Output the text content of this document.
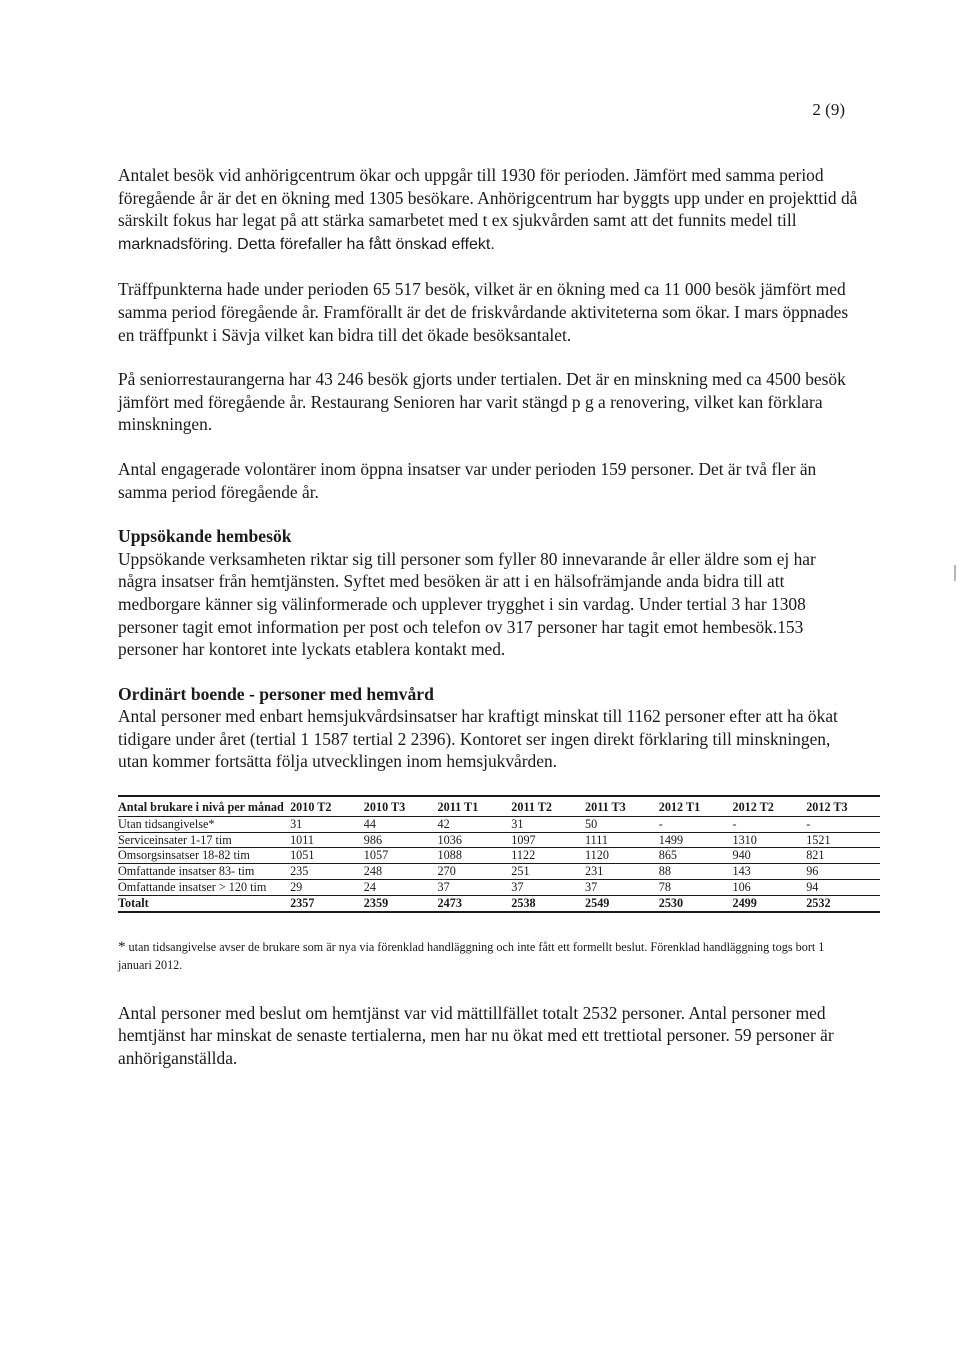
2 (9)

Antalet besök vid anhörigcentrum ökar och uppgår till 1930 för perioden. Jämfört med samma period föregående år är det en ökning med 1305 besökare. Anhörigcentrum har byggts upp under en projekttid då särskilt fokus har legat på att stärka samarbetet med t ex sjukvården samt att det funnits medel till marknadsföring. Detta förefaller ha fått önskad effekt.

Träffpunkterna hade under perioden 65 517 besök, vilket är en ökning med ca 11 000 besök jämfört med samma period föregående år. Framförallt är det de friskvårdande aktiviteterna som ökar. I mars öppnades en träffpunkt i Sävja vilket kan bidra till det ökade besöksantalet.

På seniorrestaurangerna har 43 246 besök gjorts under tertialen. Det är en minskning med ca 4500 besök jämfört med föregående år. Restaurang Senioren har varit stängd p g a renovering, vilket kan förklara minskningen.

Antal engagerade volontärer inom öppna insatser var under perioden 159 personer. Det är två fler än samma period föregående år.

Uppsökande hembesök

Uppsökande verksamheten riktar sig till personer som fyller 80 innevarande år eller äldre som ej har några insatser från hemtjänsten. Syftet med besöken är att i en hälsofrämjande anda bidra till att medborgare känner sig välinformerade och upplever trygghet i sin vardag. Under tertial 3 har 1308 personer tagit emot information per post och telefon ov 317 personer har tagit emot hembesök.153 personer har kontoret inte lyckats etablera kontakt med.

Ordinärt boende - personer med hemvård

Antal personer med enbart hemsjukvårdsinsatser har kraftigt minskat till 1162 personer efter att ha ökat tidigare under året (tertial 1 1587 tertial 2 2396). Kontoret ser ingen direkt förklaring till minskningen, utan kommer fortsätta följa utvecklingen inom hemsjukvården.

Antal brukare i nivå per månad	2010 T2	2010 T3	2011 T1	2011 T2	2011 T3	2012 T1	2012 T2	2012 T3
Utan tidsangivelse*	31	44	42	31	50	-	-	-
Serviceinsater 1-17 tim	1011	986	1036	1097	1111	1499	1310	1521
Omsorgsinsatser 18-82 tim	1051	1057	1088	1122	1120	865	940	821
Omfattande insatser 83- tim	235	248	270	251	231	88	143	96
Omfattande insatser > 120 tim	29	24	37	37	37	78	106	94
Totalt	2357	2359	2473	2538	2549	2530	2499	2532

* utan tidsangivelse avser de brukare som är nya via förenklad handläggning och inte fått ett formellt beslut. Förenklad handläggning togs bort 1 januari 2012.

Antal personer med beslut om hemtjänst var vid mättillfället totalt 2532 personer. Antal personer med hemtjänst har minskat de senaste tertialerna, men har nu ökat med ett trettiotal personer. 59 personer är anhöriganställda.
